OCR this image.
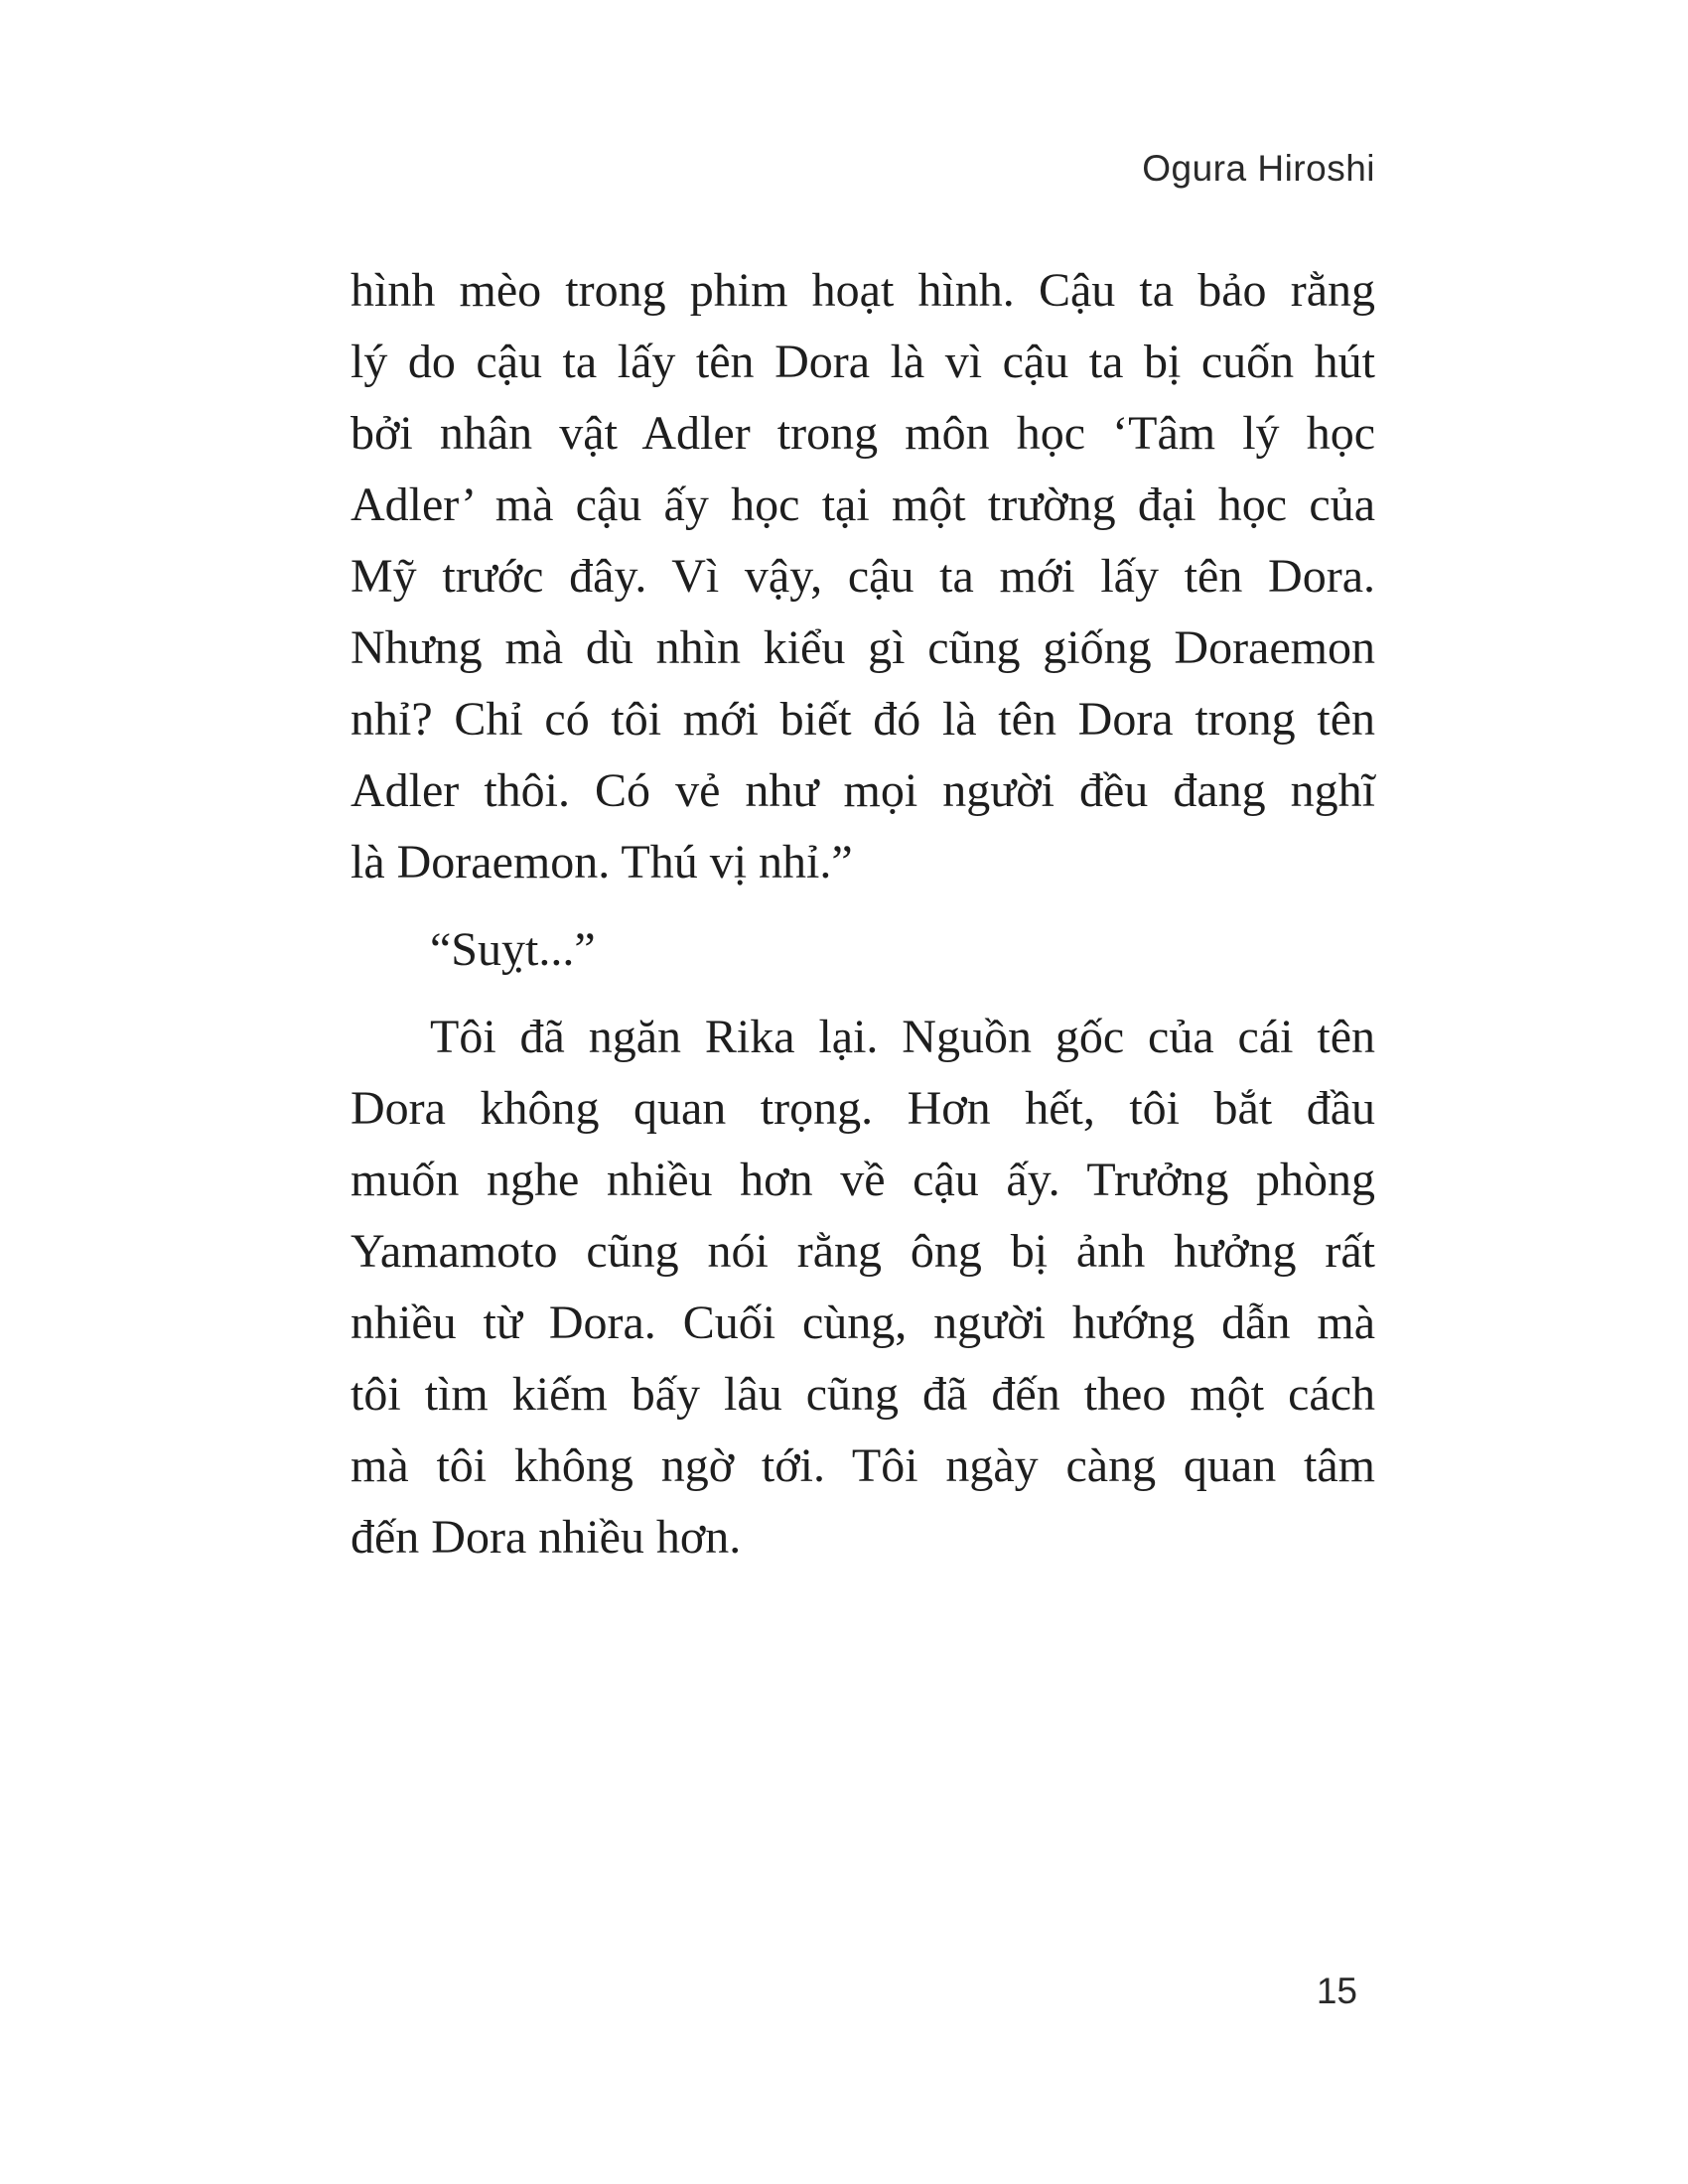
Ogura Hiroshi
hình mèo trong phim hoạt hình. Cậu ta bảo rằng
lý do cậu ta lấy tên Dora là vì cậu ta bị cuốn hút
bởi nhân vật Adler trong môn học ‘Tâm lý học
Adler’ mà cậu ấy học tại một trường đại học của
Mỹ trước đây. Vì vậy, cậu ta mới lấy tên Dora.
Nhưng mà dù nhìn kiểu gì cũng giống Doraemon
nhỉ? Chỉ có tôi mới biết đó là tên Dora trong tên
Adler thôi. Có vẻ như mọi người đều đang nghĩ
là Doraemon. Thú vị nhỉ.”
“Suỵt...”
Tôi đã ngăn Rika lại. Nguồn gốc của cái tên
Dora không quan trọng. Hơn hết, tôi bắt đầu
muốn nghe nhiều hơn về cậu ấy. Trưởng phòng
Yamamoto cũng nói rằng ông bị ảnh hưởng rất
nhiều từ Dora. Cuối cùng, người hướng dẫn mà
tôi tìm kiếm bấy lâu cũng đã đến theo một cách
mà tôi không ngờ tới. Tôi ngày càng quan tâm
đến Dora nhiều hơn.
15
